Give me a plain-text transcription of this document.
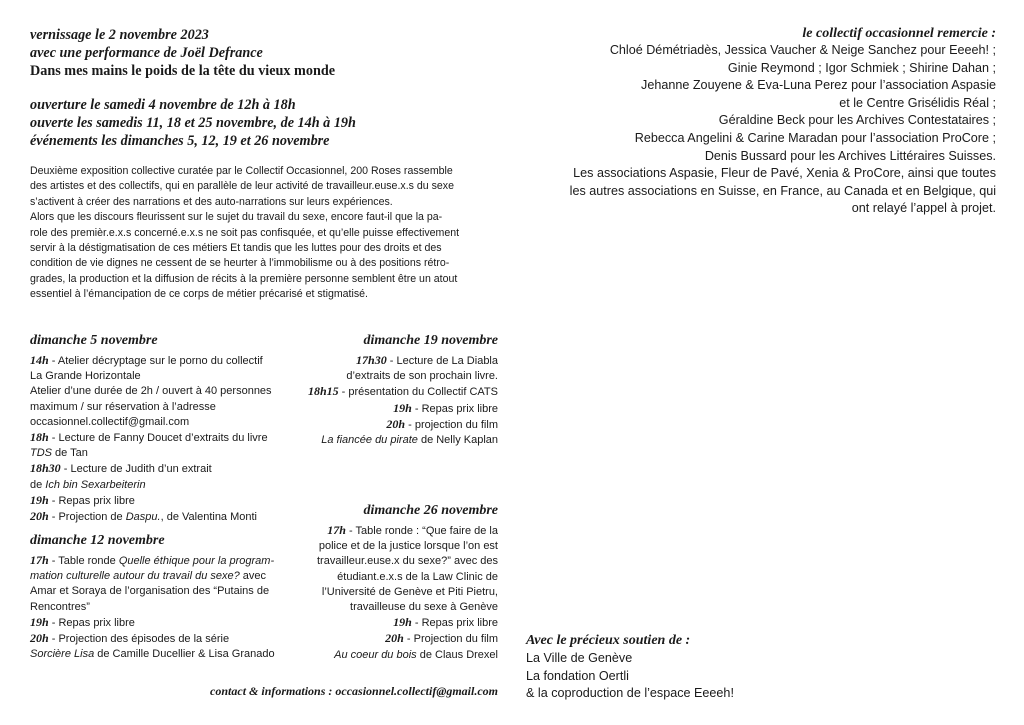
vernissage le 2 novembre 2023
avec une performance de Joël Defrance
Dans mes mains le poids de la tête du vieux monde
ouverture le samedi 4 novembre de 12h à 18h
ouverte les samedis 11, 18 et 25 novembre, de 14h à 19h
événements les dimanches 5, 12, 19 et 26 novembre
Deuxième exposition collective curatée par le Collectif Occasionnel, 200 Roses rassemble
des artistes et des collectifs, qui en parallèle de leur activité de travailleur.euse.x.s du sexe
s’activent à créer des narrations et des auto-narrations sur leurs expériences.
Alors que les discours fleurissent sur le sujet du travail du sexe, encore faut-il que la pa-
role des premièr.e.x.s concerné.e.x.s ne soit pas confisquée, et qu’elle puisse effectivement
servir à la déstigmatisation de ces métiers Et tandis que les luttes pour des droits et des
condition de vie dignes ne cessent de se heurter à l’immobilisme ou à des positions rétro-
grades, la production et la diffusion de récits à la première personne semblent être un atout
essentiel à l’émancipation de ce corps de métier précarisé et stigmatisé.
dimanche 5 novembre
14h - Atelier décryptage sur le porno du collectif
La Grande Horizontale
Atelier d’une durée de 2h / ouvert à 40 personnes
maximum / sur réservation à l’adresse
occasionnel.collectif@gmail.com
18h - Lecture de Fanny Doucet d’extraits du livre
TDS de Tan
18h30 - Lecture de Judith d’un extrait
de Ich bin Sexarbeiterin
19h - Repas prix libre
20h - Projection de Daspu., de Valentina Monti
dimanche 12 novembre
17h - Table ronde Quelle éthique pour la program-
mation culturelle autour du travail du sexe? avec
Amar et Soraya de l’organisation des “Putains de
Rencontres”
19h - Repas prix libre
20h - Projection des épisodes de la série
Sorcière Lisa de Camille Ducellier & Lisa Granado
dimanche 19 novembre
17h30 - Lecture de La Diabla
d’extraits de son prochain livre.
18h15 - présentation du Collectif CATS
19h - Repas prix libre
20h - projection du film
La fiancée du pirate de Nelly Kaplan
dimanche 26 novembre
17h - Table ronde : “Que faire de la
police et de la justice lorsque l’on est
travailleur.euse.x du sexe?” avec des
étudiant.e.x.s de la Law Clinic de
l’Université de Genève et Piti Pietru,
travailleuse du sexe à Genève
19h - Repas prix libre
20h - Projection du film
Au coeur du bois de Claus Drexel
contact & informations : occasionnel.collectif@gmail.com
le collectif occasionnel remercie :
Chloé Démétriadès, Jessica Vaucher & Neige Sanchez pour Eeeeh! ;
Ginie Reymond ; Igor Schmiek ; Shirine Dahan ;
Jehanne Zouyene & Eva-Luna Perez pour l’association Aspasie
et le Centre Grisélidis Réal ;
Géraldine Beck pour les Archives Contestataires ;
Rebecca Angelini & Carine Maradan pour l’association ProCore ;
Denis Bussard pour les Archives Littéraires Suisses.
Les associations Aspasie, Fleur de Pavé, Xenia & ProCore, ainsi que toutes
les autres associations en Suisse, en France, au Canada et en Belgique, qui
ont relayé l’appel à projet.
Avec le précieux soutien de :
La Ville de Genève
La fondation Oertli
& la coproduction de l’espace Eeeeh!
